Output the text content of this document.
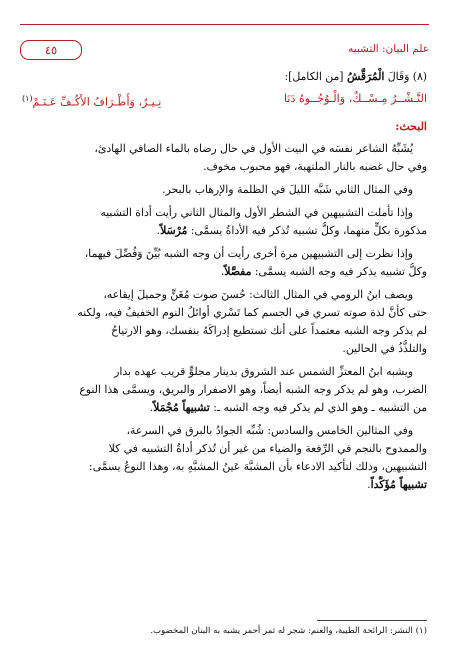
علم البيان: التشبيه
٤٥

(٨) وَقَالَ الْمُرَقَّشُ [من الكامل]:

النَّـشْــرُ مِـسْــكٌ، وَالْـوُجُــوهُ دَنَا
نِـيـرٌ، وَأَطْـرَافُ الأَكُـفِّ عَـنَـمْ$^{(١)}$
البحث:

يُشَبِّهُ الشاعر نفسَه في البيت الأول في حال رضاه بالماء الصافي الهادئ،

وفي حال غضبه بالنار الملتهبة، فهو محبوب مخوف.

وفي المثال الثاني شَبَّه الليلَ في الظلمة والإرهاب بالبحر.

وإذا تأملت التشبيهين في الشطر الأول والمثال الثاني رأيت أداة التشبيه

مذكورة بكلٍّ منهما، وكلُّ تشبيه تُذكر فيه الأداةُ يسمَّى: مُرْسَلاً.

وإذا نظرت إلى التشبيهين مرة أخرى رأيت أن وجه الشبه بُيِّنَ وَفُصِّلَ فيهما،

وكلُّ تشبيه يذكر فيه وجه الشبه يسمَّى: مفصَّلاً.

ويصف ابنُ الرومي في المثال الثالث: حُسنَ صوت مُغَنٍّ وجميلَ إيقاعه،

حتى كأنَّ لذة صوته تسري في الجسم كما تَسْري أوائلُ النوم الخفيفُ فيه، ولكنه

لم يذكر وجه الشبه معتمداً على أنك تستطيع إدراكَهُ بنفسك، وهو الارتياحُ

والتلذُّذُ في الحالين.

ويشبه ابنُ المعتزِّ الشمس عند الشروق بدينار مجلوٍّ قريب عهده بدار

الضرب، وهو لم يذكر وجه الشبه أيضاً، وهو الاصفرار والبريق، ويسمَّى هذا النوع

من التشبيه ـ وهو الذي لم يذكر فيه وجه الشبه ـ: تشبيهاً مُجْمَلاً.

وفي المثالين الخامس والسادس: شُبِّه الجوادُ بالبرق في السرعة،

والممدوح بالنجم في الرِّفعة والضياء من غير أن تُذكر أداةُ التشبيه في كلا

التشبيهين، وذلك لتأكيد الادعاء بأن المشبَّهَ عَينُ المشبَّهِ به، وهذا النوعُ يسمَّى:

تشبيهاً مُؤَكَّداً.

(١) النشر: الرائحة الطيبة، والعنم: شجر له ثمر أحمر يشبه به البنان المخضوب.
